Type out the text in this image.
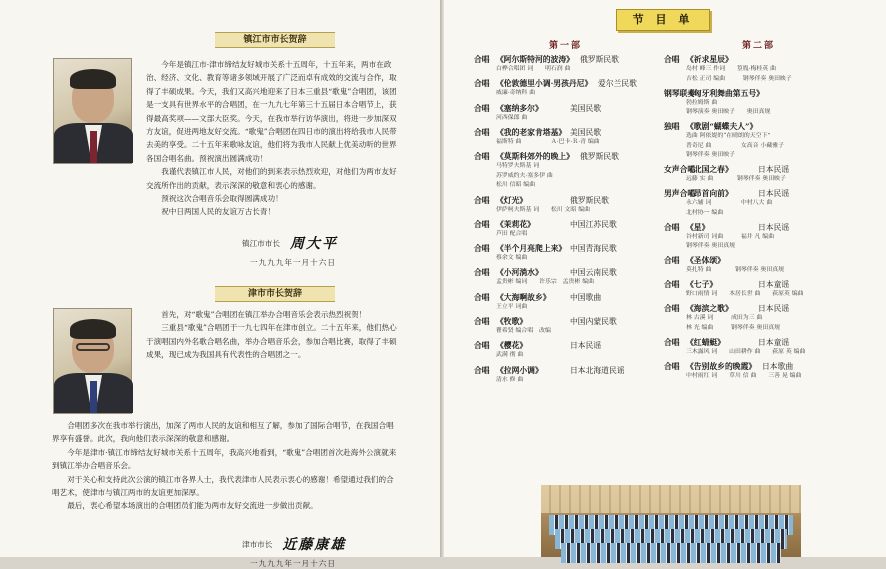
镇江市市长贺辞

今年是镇江市·津市缔结友好城市关系十五周年，十五年来，两市在政治、经济、文化、教育等诸多领域开展了广泛而卓有成效的交流与合作，取得了丰硕成果。今天，我们又高兴地迎来了日本三重县“歌鬼”合唱团，该团是一支具有世界水平的合唱团，在一九九七年第三十五届日本合唱节上，获得最高奖项——文部大臣奖。今天，在我市举行访华演出，将进一步加深双方友谊，促进两地友好交流。“歌鬼”合唱团在四日市的演出将给我市人民带去美的享受。二十五年来歌咏友谊，他们将为我市人民献上优美动听的世界各国合唱名曲。预祝演出圆满成功！

我谨代表镇江市人民，对他们的到来表示热烈欢迎，对他们为两市友好交流所作出的贡献，表示深深的敬意和衷心的感谢。

预祝这次合唱音乐会取得圆满成功！

祝中日两国人民的友谊万古长青！

镇江市市长 周大平
一九九九年一月十六日
津市市长贺辞

首先，对“歌鬼”合唱团在镇江举办合唱音乐会表示热烈祝贺！

三重县“歌鬼”合唱团于一九七四年在津市创立。二十五年来，他们热心于演唱国内外名歌合唱名曲，举办合唱音乐会，参加合唱比赛，取得了丰硕成果，现已成为我国具有代表性的合唱团之一。

合唱团多次在我市举行演出，加深了两市人民的友谊和相互了解，参加了国际合唱节，在我国合唱界享有盛誉。此次，我向他们表示深深的敬意和感谢。

今年是津市·镇江市缔结友好城市关系十五周年，我高兴地看到，“歌鬼”合唱团首次赴海外公演就来到镇江举办合唱音乐会。

对于关心和支持此次公演的镇江市各界人士，我代表津市人民表示衷心的感谢！希望通过我们的合唱艺术，使津市与镇江两市的友谊更加深厚。

最后，衷心希望本场演出的合唱团员们能为两市友好交流进一步做出贡献。

津市市长 近藤康雄
一九九九年一月十六日
节 目 单
第一部	第二部
合唱 《阿尔斯特河的波涛》 俄罗斯民歌
白桦合唱团 词　　明石润 曲
合唱 《伦敦德里小调·男孩丹尼》 爱尔兰民歌
威廉·奇纳科 曲
合唱 《塞纳多尔》	美国民歌
河西保郎 曲
合唱 《我的老家肯塔基》 美国民歌
福斯特 曲　　　　　Ａ·巴卡·Ｒ·青 编曲
合唱 《莫斯科郊外的晚上》 俄罗斯民歌
马特罗夫斯基 词
苏罗威约夫·塞多伊 曲
松川 信昭 编曲
合唱 《灯光》	俄罗斯民歌
伊萨柯夫斯基 词　　松川 文昭 编曲
合唱 《茉莉花》	中国江苏民歌
芦田 配合唱
合唱 《半个月亮爬上来》 中国青海民歌
蔡余文 编曲
合唱 《小河淌水》	中国云南民歌
孟贵彬 编词　　许乐宗　孟贵彬 编曲
合唱 《大海啊故乡》 中国歌曲
王立平 词曲
合唱 《牧歌》	中国内蒙民歌
瞿希贤 编合唱　改编
合唱 《樱花》	日本民谣
武满 彻 曲
合唱 《拉网小调》	日本北海道民谣
清水 修 曲
合唱 《祈求星辰》
岛村 峰三 作词　　篁胤·梅桂英 曲
吉松 正司 编曲　　　钢琴伴奏 奥田映子
钢琴联奏
《匈牙利舞曲第五号》
勃拉姆斯 曲
钢琴演奏 奥田映子　　奥田真规
独唱 《歌剧“蝴蝶夫人”》
选曲 阿依媞的“在晴朗的天空下”
普奇尼 曲　　　　　女高音 小藏雅子
钢琴伴奏 奥田映子
女声合唱
《北国之春》	日本民谣
远藤 实 曲　　　　钢琴伴奏 奥田映子
男声合唱
《昂首向前》	日本民谣
永六辅 词　　　　　中村八大 曲
北村协一 编曲
合唱 《星》	日本民谣
谷村新司 词曲　　　福井 凡 编曲
钢琴伴奏 奥田真规
合唱 《圣体颂》
莫扎特 曲　　　　钢琴伴奏 奥田真规
合唱 《七子》	日本童谣
野口雨情 词　　本居长世 曲　　荻原英 编曲
合唱 《海滨之歌》	日本民谣
林 古溪 词　　　成田为三 曲
林 光 编曲　　　钢琴伴奏 奥田真规
合唱 《红蜻蜓》	日本童谣
三木露风 词　　山田耕作 曲　　荻原 英 编曲
合唱 《告别故乡的晚霞》 日本歌曲
中村雨红 词　　草川 信 曲　　三善 晃 编曲
